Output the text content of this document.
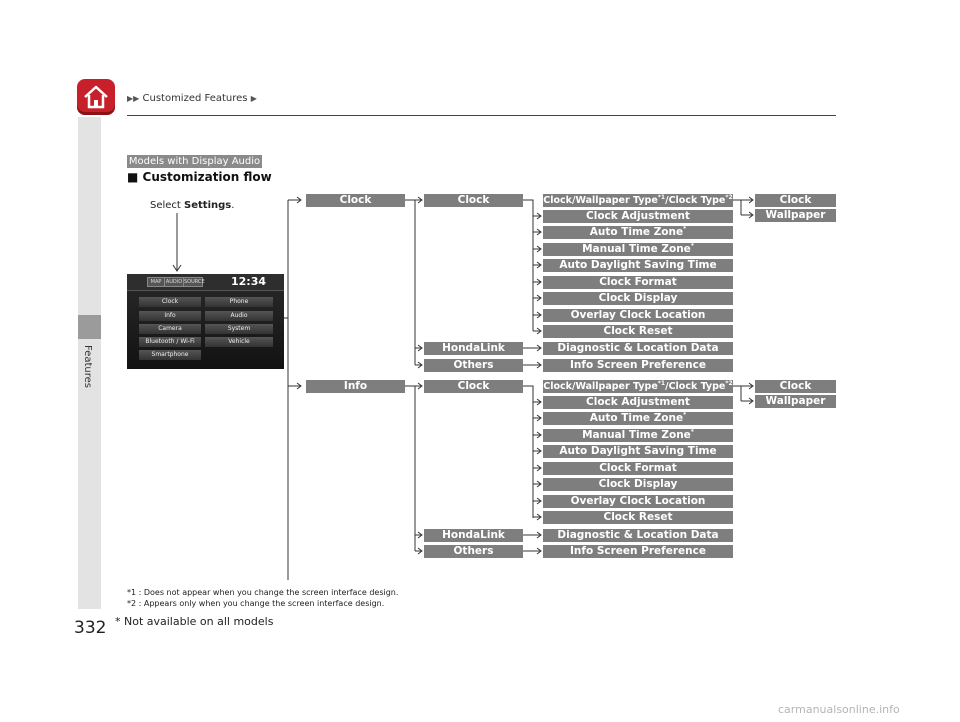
▶▶ Customized Features ▶
Features
332
Models with Display Audio
■ Customization flow
Select Settings.
MAP AUDIO SOURCE 12:34
Clock	Phone
Info	Audio
Camera	System
Bluetooth / Wi-Fi	Vehicle
Smartphone
Clock	Clock	Clock/Wallpaper Type$^{*1}$/Clock Type$^{*2}$	Clock
Wallpaper
Clock Adjustment
Auto Time Zone*
Manual Time Zone*
Auto Daylight Saving Time
Clock Format
Clock Display
Overlay Clock Location
Clock Reset
HondaLink	Diagnostic & Location Data
Others	Info Screen Preference
Info	Clock	Clock/Wallpaper Type$^{*1}$/Clock Type$^{*2}$	Clock
Wallpaper
Clock Adjustment
Auto Time Zone*
Manual Time Zone*
Auto Daylight Saving Time
Clock Format
Clock Display
Overlay Clock Location
Clock Reset
HondaLink	Diagnostic & Location Data
Others	Info Screen Preference
*1 : Does not appear when you change the screen interface design.
*2 : Appears only when you change the screen interface design.
* Not available on all models
carmanualsonline.info
